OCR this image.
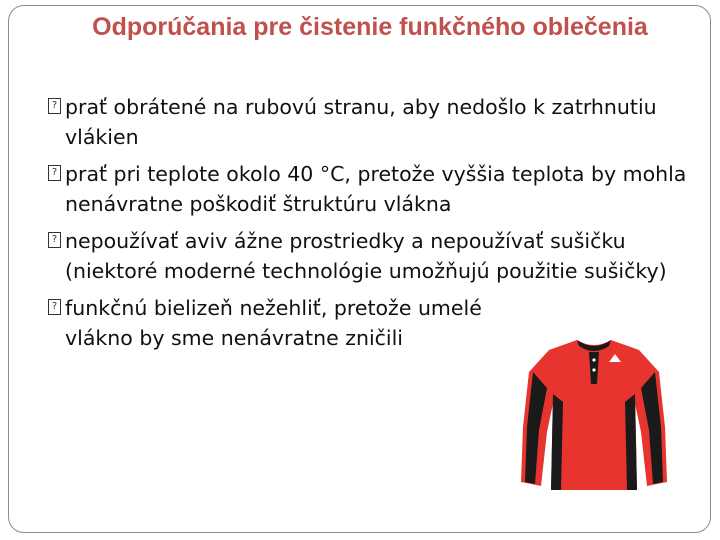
Odporúčania pre čistenie funkčného oblečenia
? prať obrátené na rubovú stranu, aby nedošlo k zatrhnutiu vlákien
? prať pri teplote okolo 40 °C, pretože vyššia teplota by mohla nenávratne poškodiť štruktúru vlákna
? nepoužívať aviv ážne prostriedky a nepoužívať sušičku (niektoré moderné technológie umožňujú použitie sušičky)
? funkčnú bielizeň nežehliť, pretože umelé vlákno by sme nenávratne zničili
